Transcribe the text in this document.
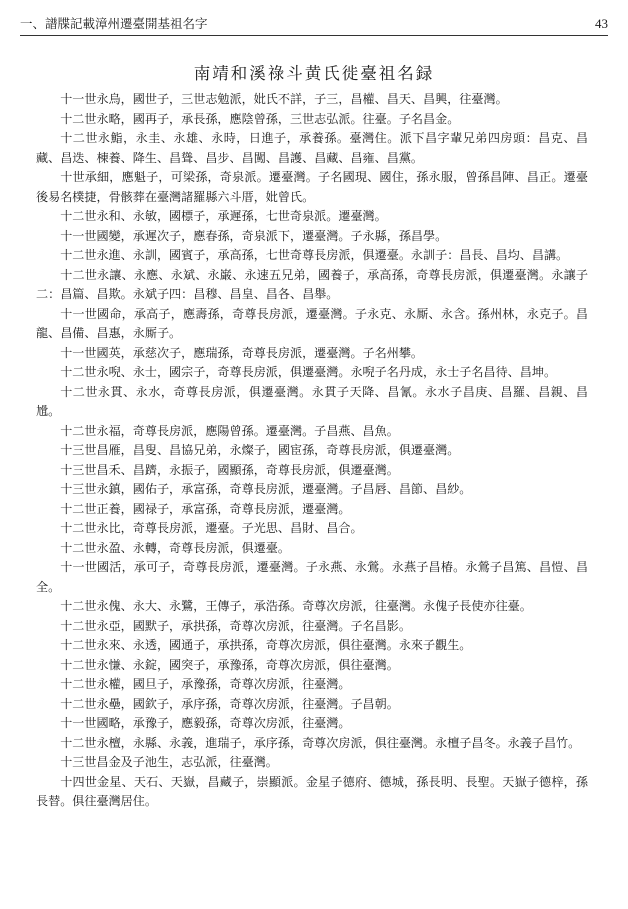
一、譜牒記載漳州遷臺開基祖名字	43
南靖和溪祿斗黄氏徙臺祖名録

十一世永烏，國世子，三世志勉派，妣氏不詳，子三，昌權、昌天、昌興，往臺灣。

十二世永略，國再子，承長孫，應陰曾孫，三世志弘派。往臺。子名昌金。

十二世永鮨，永圭、永雄、永時，日進子，承養孫。臺灣住。派下昌字輩兄弟四房頭：昌克、昌藏、昌迭、棟養、降生、昌聳、昌步、昌闖、昌護、昌藏、昌雍、昌黨。

十世承細，應魁子，可梁孫，奇泉派。遷臺灣。子名國現、國住，孫永服，曾孫昌陣、昌正。遷臺後易名樸捷，骨骸葬在臺灣諸羅縣六斗厝，妣曾氏。

十二世永和、永敏，國標子，承遲孫，七世奇泉派。遷臺灣。

十一世國變，承遲次子，應春孫，奇泉派下，遷臺灣。子永縣，孫昌學。

十二世永進、永訓，國賓子，承高孫，七世奇尊長房派，俱遷臺。永訓子：昌長、昌均、昌講。

十二世永讓、永應、永斌、永巌、永速五兄弟，國養子，承高孫，奇尊長房派，俱遷臺灣。永讓子二：昌篇、昌欺。永斌子四：昌穆、昌皇、昌各、昌舉。

十一世國命，承高子，應壽孫，奇尊長房派，遷臺灣。子永克、永厮、永含。孫州林，永克子。昌龍、昌備、昌惠，永厮子。

十一世國英，承慈次子，應瑞孫，奇尊長房派，遷臺灣。子名州攀。

十二世永唲、永士，國宗子，奇尊長房派，俱遷臺灣。永唲子名丹成，永士子名昌待、昌坤。

十二世永貫、永水，奇尊長房派，俱遷臺灣。永貫子天降、昌氰。永水子昌庚、昌羅、昌親、昌尳。

十二世永福，奇尊長房派，應陽曾孫。遷臺灣。子昌燕、昌魚。

十三世昌雁，昌叟、昌協兄弟，永燦子，國宦孫，奇尊長房派，俱遷臺灣。

十三世昌禾、昌躋，永振子，國顯孫，奇尊長房派，俱遷臺灣。

十三世永鎮，國佑子，承富孫，奇尊長房派，遷臺灣。子昌唇、昌節、昌紗。

十二世正養，國禄子，承富孫，奇尊長房派，遷臺灣。

十二世永比，奇尊長房派，遷臺。子光思、昌財、昌合。

十二世永盈、永轉，奇尊長房派，俱遷臺。

十一世國活，承可子，奇尊長房派，遷臺灣。子永燕、永鶯。永燕子昌椿。永鶯子昌篤、昌愷、昌全。

十二世永傀、永大、永鷺，王傳子，承浩孫。奇尊次房派，往臺灣。永傀子長使亦往臺。

十二世永亞，國默子，承拱孫，奇尊次房派，往臺灣。子名昌影。

十二世永來、永透，國通子，承拱孫，奇尊次房派，俱往臺灣。永來子觀生。

十二世永慊、永錠，國突子，承豫孫，奇尊次房派，俱往臺灣。

十二世永權，國旦子，承豫孫，奇尊次房派，往臺灣。

十二世永壘，國欽子，承序孫，奇尊次房派，往臺灣。子昌朝。

十一世國略，承豫子，應毅孫，奇尊次房派，往臺灣。

十二世永檀，永縣、永義，進瑞子，承序孫，奇尊次房派，俱往臺灣。永檀子昌冬。永義子昌竹。

十三世昌金及子池生，志弘派，往臺灣。

十四世金星、天石、天嶽，昌藏子，崇顯派。金星子德府、德城，孫長明、長聖。天嶽子德梓，孫長替。俱往臺灣居住。
